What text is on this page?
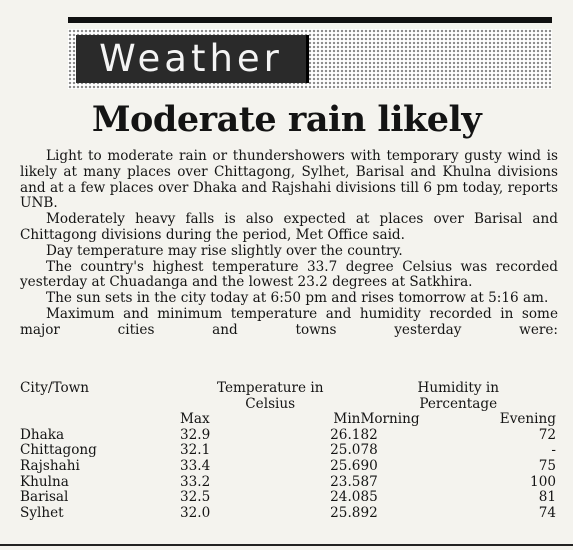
Weather
Moderate rain likely

Light to moderate rain or thundershowers with temporary gusty wind is likely at many places over Chittagong, Sylhet, Barisal and Khulna divisions and at a few places over Dhaka and Rajshahi divisions till 6 pm today, reports UNB.

Moderately heavy falls is also expected at places over Barisal and Chittagong divisions during the period, Met Office said.

Day temperature may rise slightly over the country.

The country's highest temperature 33.7 degree Celsius was recorded yesterday at Chuadanga and the lowest 23.2 degrees at Satkhira.

The sun sets in the city today at 6:50 pm and rises tomorrow at 5:16 am.

Maximum and minimum temperature and humidity recorded in some major cities and towns yesterday were:

City/Town	Temperature in
Celsius		Humidity in
Percentage	
	Max	Min	Morning	Evening
Dhaka	32.9	26.1	82	72
Chittagong	32.1	25.0	78	-
Rajshahi	33.4	25.6	90	75
Khulna	33.2	23.5	87	100
Barisal	32.5	24.0	85	81
Sylhet	32.0	25.8	92	74
